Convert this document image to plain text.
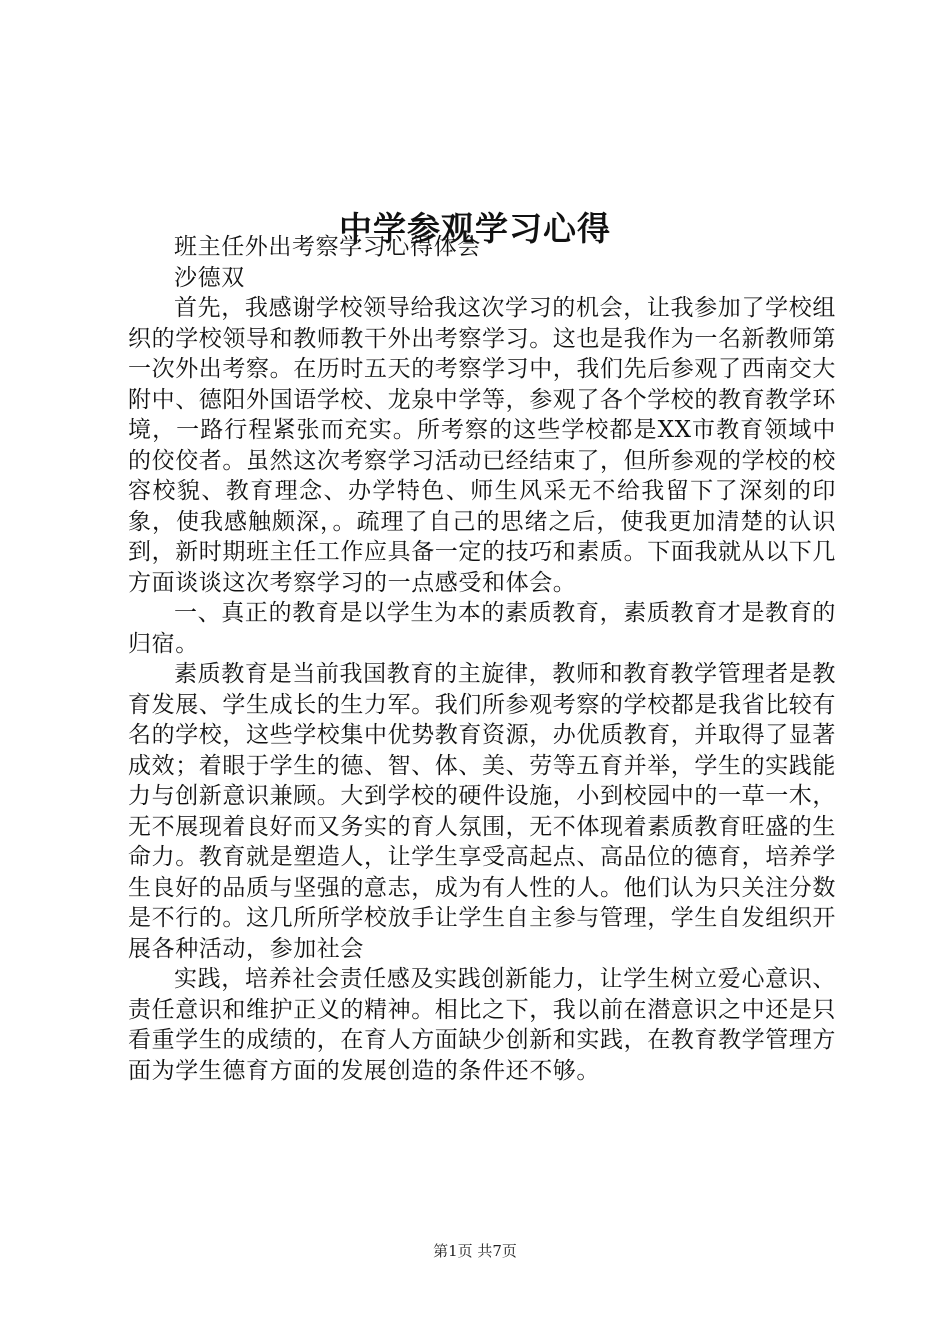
中学参观学习心得

班主任外出考察学习心得体会

沙德双

首先，我感谢学校领导给我这次学习的机会，让我参加了学校组织的学校领导和教师教干外出考察学习。这也是我作为一名新教师第一次外出考察。在历时五天的考察学习中，我们先后参观了西南交大附中、德阳外国语学校、龙泉中学等，参观了各个学校的教育教学环境，一路行程紧张而充实。所考察的这些学校都是XX市教育领域中的佼佼者。虽然这次考察学习活动已经结束了，但所参观的学校的校容校貌、教育理念、办学特色、师生风采无不给我留下了深刻的印象，使我感触颇深，。疏理了自己的思绪之后，使我更加清楚的认识到，新时期班主任工作应具备一定的技巧和素质。下面我就从以下几方面谈谈这次考察学习的一点感受和体会。

一、真正的教育是以学生为本的素质教育，素质教育才是教育的归宿。

素质教育是当前我国教育的主旋律，教师和教育教学管理者是教育发展、学生成长的生力军。我们所参观考察的学校都是我省比较有名的学校，这些学校集中优势教育资源，办优质教育，并取得了显著成效；着眼于学生的德、智、体、美、劳等五育并举，学生的实践能力与创新意识兼顾。大到学校的硬件设施，小到校园中的一草一木，无不展现着良好而又务实的育人氛围，无不体现着素质教育旺盛的生命力。教育就是塑造人，让学生享受高起点、高品位的德育，培养学生良好的品质与坚强的意志，成为有人性的人。他们认为只关注分数是不行的。这几所所学校放手让学生自主参与管理，学生自发组织开展各种活动，参加社会

实践，培养社会责任感及实践创新能力，让学生树立爱心意识、责任意识和维护正义的精神。相比之下，我以前在潜意识之中还是只看重学生的成绩的，在育人方面缺少创新和实践，在教育教学管理方面为学生德育方面的发展创造的条件还不够。

第1页 共7页
